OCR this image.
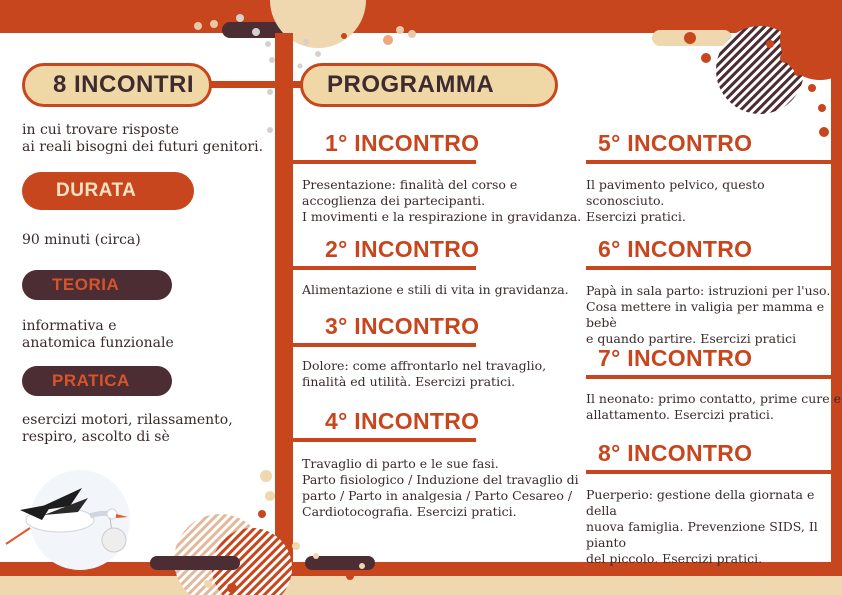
8 INCONTRI
in cui trovare risposte
ai reali bisogni dei futuri genitori.
DURATA
90 minuti (circa)
TEORIA
informativa e
anatomica funzionale
PRATICA
esercizi motori, rilassamento,
respiro, ascolto di sè
PROGRAMMA
1° INCONTRO
Presentazione: finalità del corso e
accoglienza dei partecipanti.
I movimenti e la respirazione in gravidanza.
2° INCONTRO
Alimentazione e stili di vita in gravidanza.
3° INCONTRO
Dolore: come affrontarlo nel travaglio,
finalità ed utilità. Esercizi pratici.
4° INCONTRO
Travaglio di parto e le sue fasi.
Parto fisiologico / Induzione del travaglio di
parto / Parto in analgesia / Parto Cesareo /
Cardiotocografia. Esercizi pratici.
5° INCONTRO
Il pavimento pelvico, questo sconosciuto.
Esercizi pratici.
6° INCONTRO
Papà in sala parto: istruzioni per l'uso.
Cosa mettere in valigia per mamma e bebè
e quando partire. Esercizi pratici
7° INCONTRO
Il neonato: primo contatto, prime cure e
allattamento. Esercizi pratici.
8° INCONTRO
Puerperio: gestione della giornata e della
nuova famiglia. Prevenzione SIDS, Il pianto
del piccolo. Esercizi pratici.
